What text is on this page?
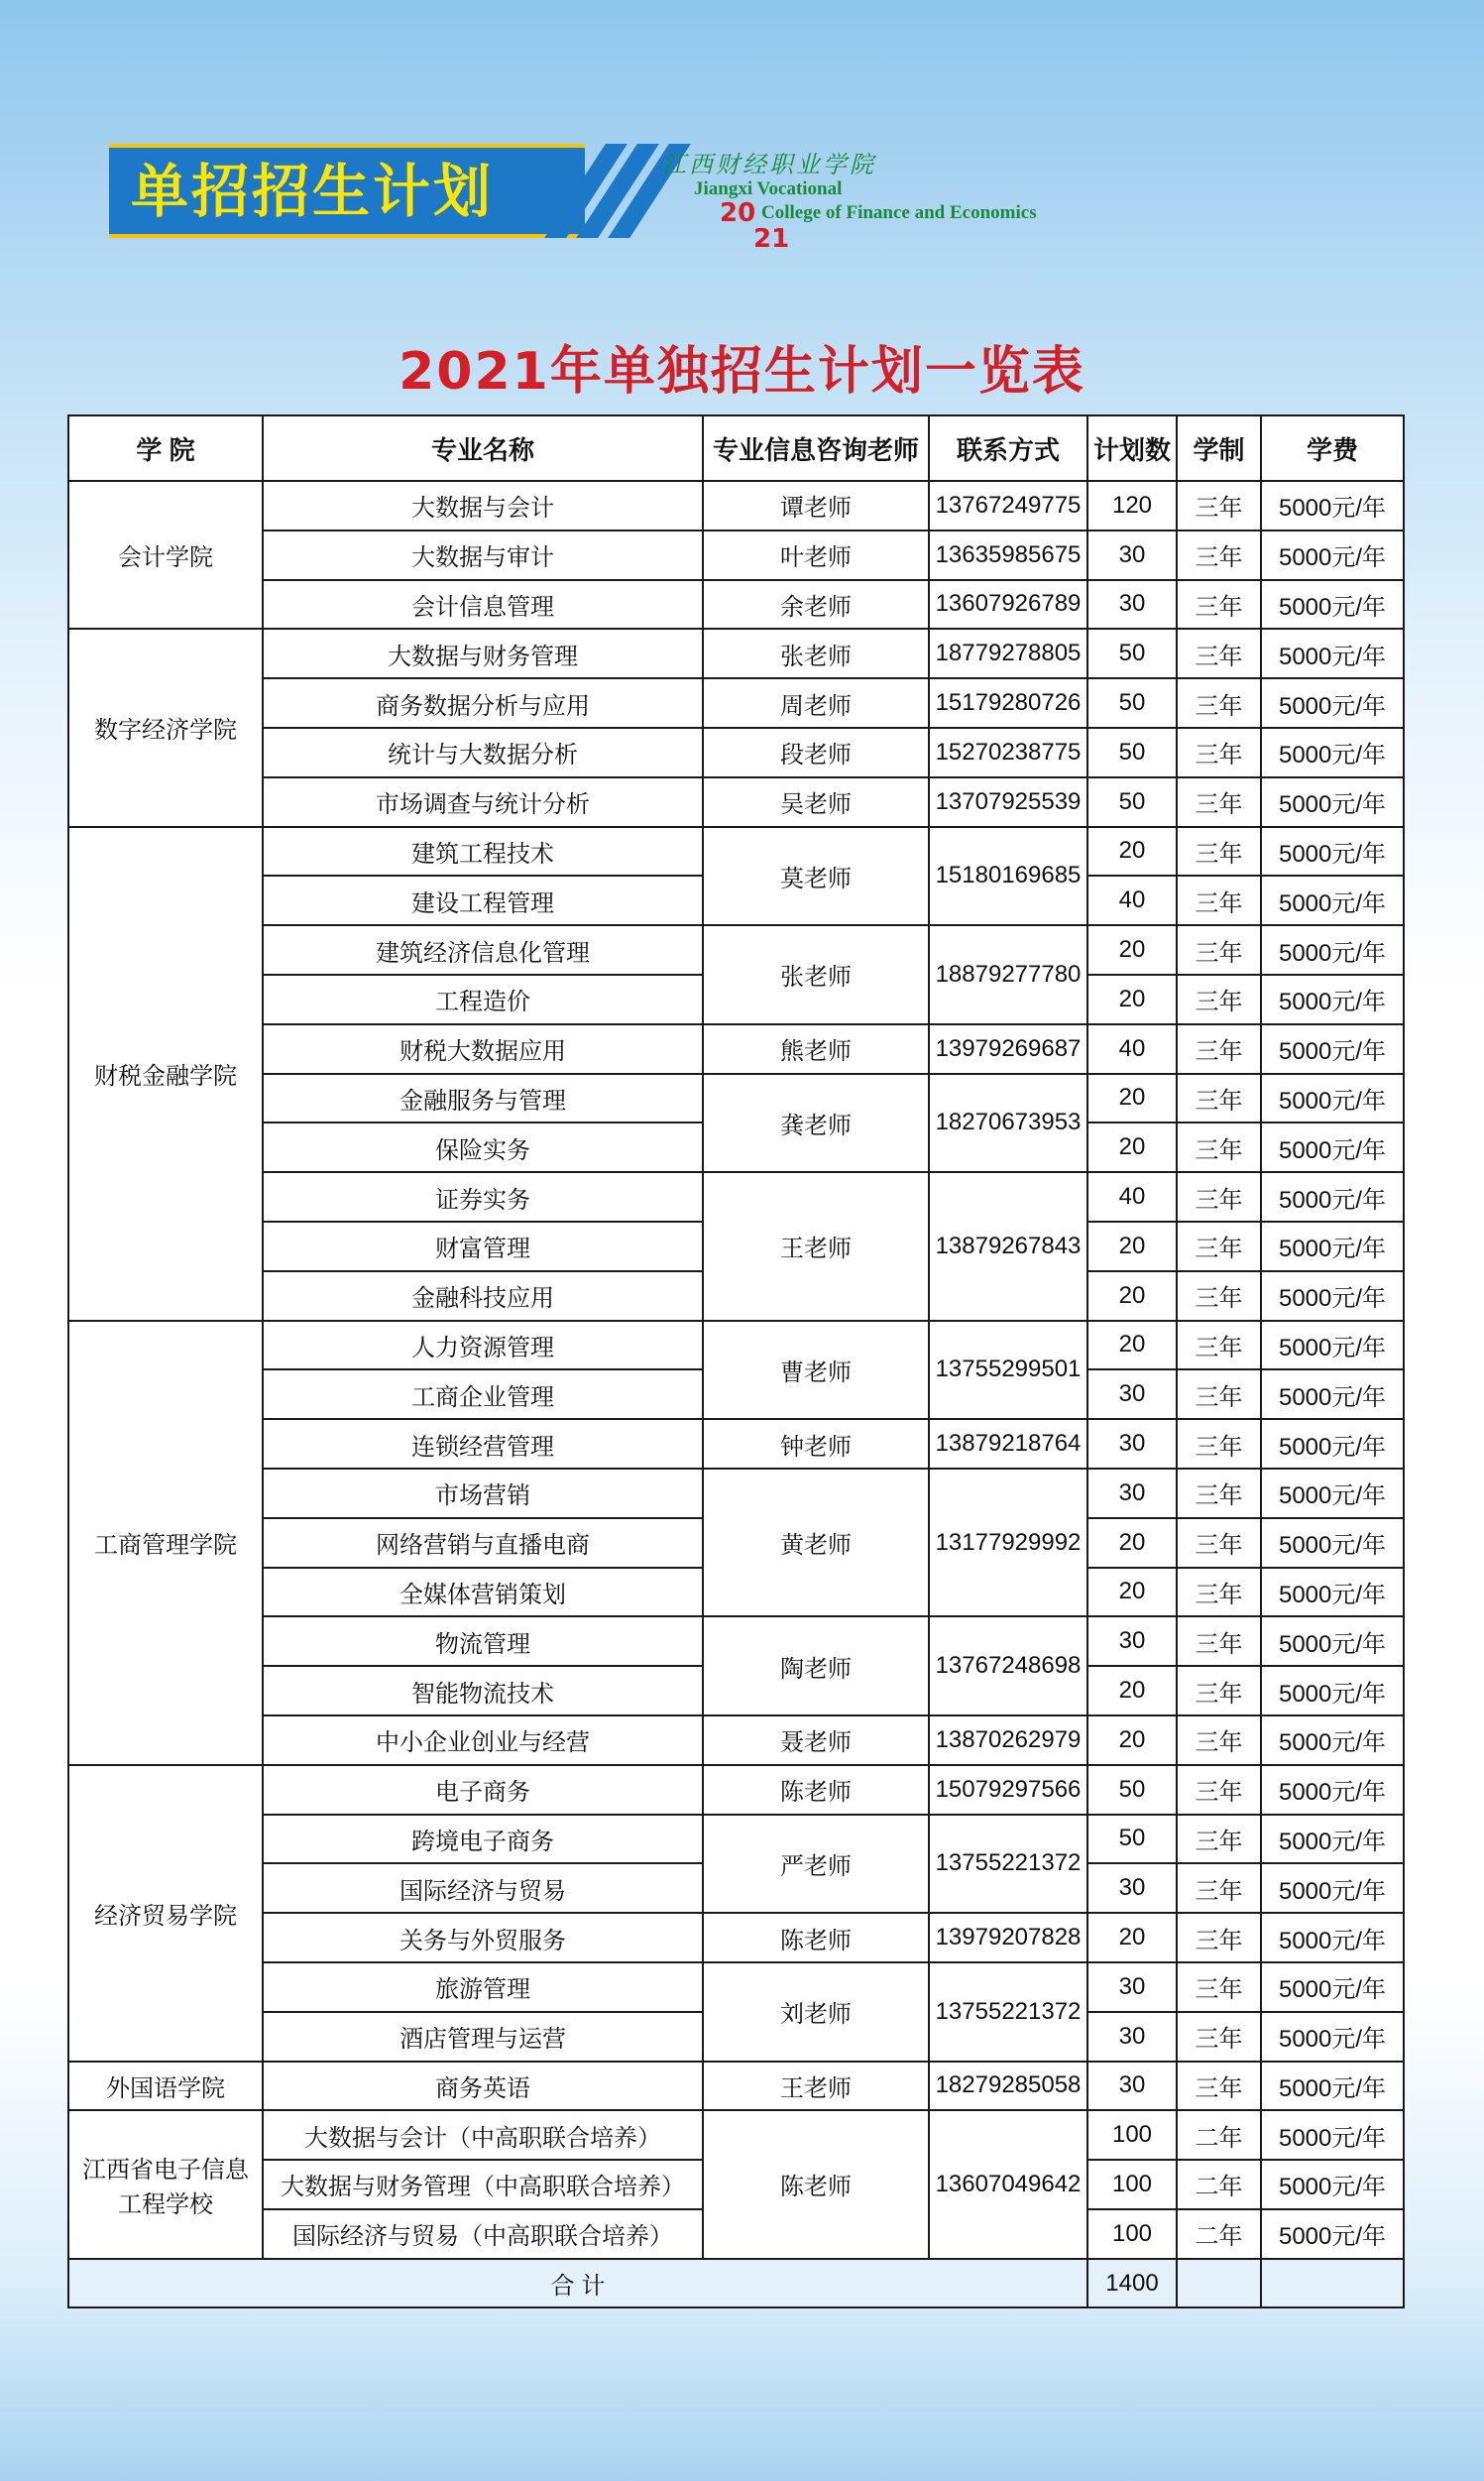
单招招生计划	江西财经职业学院
Jiangxi Vocational
20 College of Finance and Economics
21
2021年单独招生计划一览表
学 院	专业名称	专业信息咨询老师	联系方式	计划数	学制	学费
会计学院	大数据与会计	谭老师	13767249775	120	三年	5000元/年
	大数据与审计	叶老师	13635985675	30	三年	5000元/年
	会计信息管理	余老师	13607926789	30	三年	5000元/年
数字经济学院	大数据与财务管理	张老师	18779278805	50	三年	5000元/年
	商务数据分析与应用	周老师	15179280726	50	三年	5000元/年
	统计与大数据分析	段老师	15270238775	50	三年	5000元/年
	市场调查与统计分析	吴老师	13707925539	50	三年	5000元/年
财税金融学院	建筑工程技术	莫老师	15180169685	20	三年	5000元/年
	建设工程管理			40	三年	5000元/年
	建筑经济信息化管理	张老师	18879277780	20	三年	5000元/年
	工程造价			20	三年	5000元/年
	财税大数据应用	熊老师	13979269687	40	三年	5000元/年
	金融服务与管理	龚老师	18270673953	20	三年	5000元/年
	保险实务			20	三年	5000元/年
	证券实务	王老师	13879267843	40	三年	5000元/年
	财富管理			20	三年	5000元/年
	金融科技应用			20	三年	5000元/年
工商管理学院	人力资源管理	曹老师	13755299501	20	三年	5000元/年
	工商企业管理			30	三年	5000元/年
	连锁经营管理	钟老师	13879218764	30	三年	5000元/年
	市场营销	黄老师	13177929992	30	三年	5000元/年
	网络营销与直播电商			20	三年	5000元/年
	全媒体营销策划			20	三年	5000元/年
	物流管理	陶老师	13767248698	30	三年	5000元/年
	智能物流技术			20	三年	5000元/年
	中小企业创业与经营	聂老师	13870262979	20	三年	5000元/年
经济贸易学院	电子商务	陈老师	15079297566	50	三年	5000元/年
	跨境电子商务	严老师	13755221372	50	三年	5000元/年
	国际经济与贸易			30	三年	5000元/年
	关务与外贸服务	陈老师	13979207828	20	三年	5000元/年
	旅游管理	刘老师	13755221372	30	三年	5000元/年
	酒店管理与运营			30	三年	5000元/年
外国语学院	商务英语	王老师	18279285058	30	三年	5000元/年
江西省电子信息工程学校	大数据与会计（中高职联合培养）	陈老师	13607049642	100	二年	5000元/年
	大数据与财务管理（中高职联合培养）			100	二年	5000元/年
	国际经济与贸易（中高职联合培养）			100	二年	5000元/年
合 计				1400		
